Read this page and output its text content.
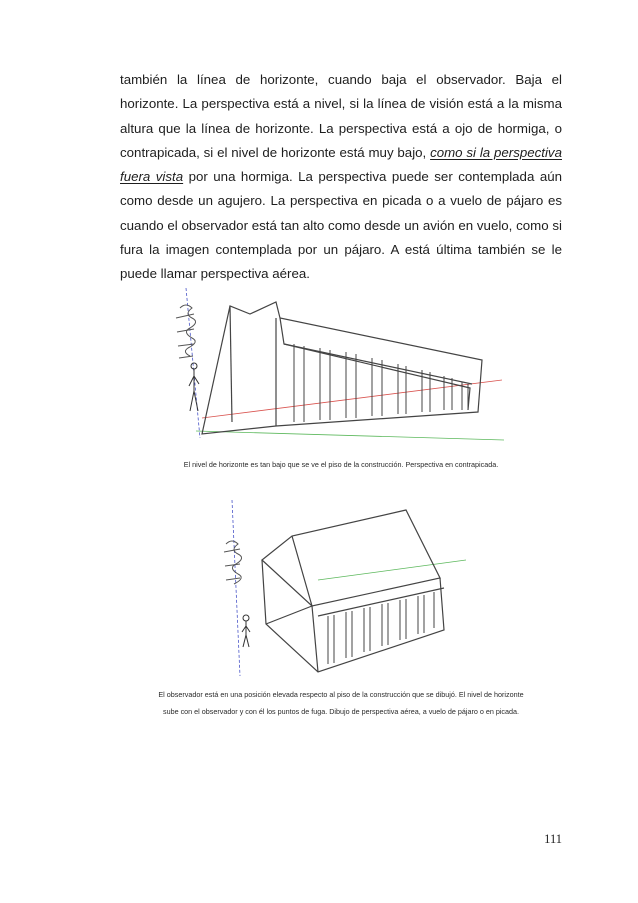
también la línea de horizonte, cuando baja el observador. Baja el horizonte. La perspectiva está a nivel, si la línea de visión está a la misma altura que la línea de horizonte. La perspectiva está a ojo de hormiga, o contrapicada, si el nivel de horizonte está muy bajo, como si la perspectiva fuera vista por una hormiga. La perspectiva puede ser contemplada aún como desde un agujero. La perspectiva en picada o a vuelo de pájaro es cuando el observador está tan alto como desde un avión en vuelo, como si fura la imagen contemplada por un pájaro. A está última también se le puede llamar perspectiva aérea.

El nivel de horizonte es tan bajo que se ve el piso de la construcción. Perspectiva en contrapicada.

El observador está en una posición elevada respecto al piso de la construcción que se dibujó. El nivel de horizonte

sube con el observador y con él los puntos de fuga. Dibujo de perspectiva aérea, a vuelo de pájaro o en picada.

111
